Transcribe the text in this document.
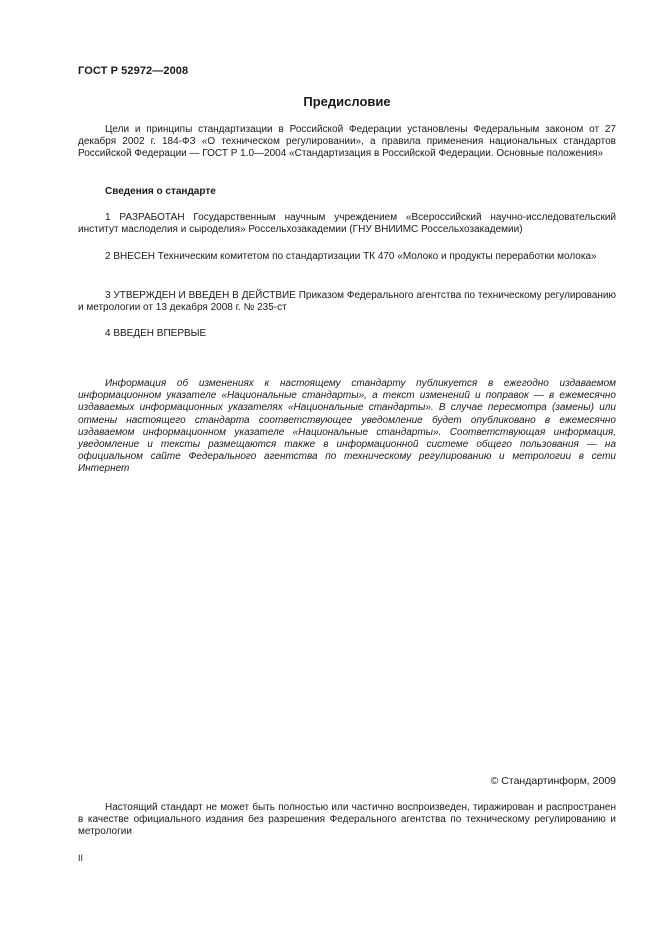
ГОСТ Р 52972—2008
Предисловие

Цели и принципы стандартизации в Российской Федерации установлены Федеральным законом от 27 декабря 2002 г. 184-ФЗ «О техническом регулировании», а правила применения национальных стандартов Российской Федерации — ГОСТ Р 1.0—2004 «Стандартизация в Российской Федерации. Основные положения»

Сведения о стандарте

1 РАЗРАБОТАН Государственным научным учреждением «Всероссийский научно-исследовательский институт маслоделия и сыроделия» Россельхозакадемии (ГНУ ВНИИМС Россельхозакадемии)

2 ВНЕСЕН Техническим комитетом по стандартизации ТК 470 «Молоко и продукты переработки молока»

3 УТВЕРЖДЕН И ВВЕДЕН В ДЕЙСТВИЕ Приказом Федерального агентства по техническому регулированию и метрологии от 13 декабря 2008 г. № 235-ст

4 ВВЕДЕН ВПЕРВЫЕ

Информация об изменениях к настоящему стандарту публикуется в ежегодно издаваемом информационном указателе «Национальные стандарты», а текст изменений и поправок — в ежемесячно издаваемых информационных указателях «Национальные стандарты». В случае пересмотра (замены) или отмены настоящего стандарта соответствующее уведомление будет опубликовано в ежемесячно издаваемом информационном указателе «Национальные стандарты». Соответствующая информация, уведомление и тексты размещаются также в информационной системе общего пользования — на официальном сайте Федерального агентства по техническому регулированию и метрологии в сети Интернет

© Стандартинформ, 2009

Настоящий стандарт не может быть полностью или частично воспроизведен, тиражирован и распространен в качестве официального издания без разрешения Федерального агентства по техническому регулированию и метрологии

II
